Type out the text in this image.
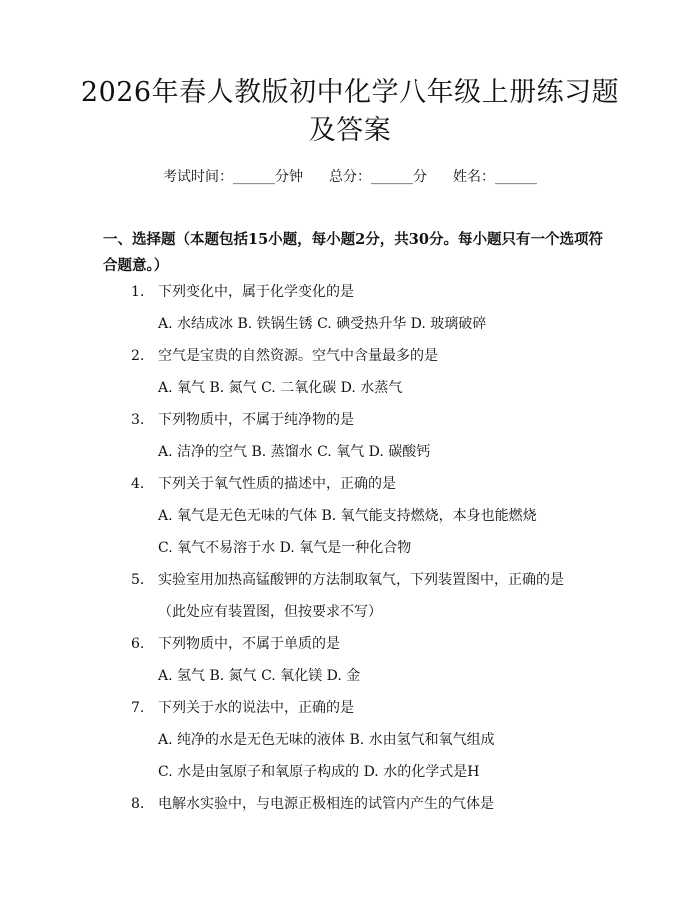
2026年春人教版初中化学八年级上册练习题及答案
考试时间：______分钟 总分：______分 姓名：______
一、选择题（本题包括15小题，每小题2分，共30分。每小题只有一个选项符合题意。）
1. 下列变化中，属于化学变化的是
A. 水结成冰 B. 铁锅生锈 C. 碘受热升华 D. 玻璃破碎
2. 空气是宝贵的自然资源。空气中含量最多的是
A. 氧气 B. 氮气 C. 二氧化碳 D. 水蒸气
3. 下列物质中，不属于纯净物的是
A. 洁净的空气 B. 蒸馏水 C. 氧气 D. 碳酸钙
4. 下列关于氧气性质的描述中，正确的是
A. 氧气是无色无味的气体 B. 氧气能支持燃烧，本身也能燃烧
C. 氧气不易溶于水 D. 氧气是一种化合物
5. 实验室用加热高锰酸钾的方法制取氧气，下列装置图中，正确的是
（此处应有装置图，但按要求不写）
6. 下列物质中，不属于单质的是
A. 氢气 B. 氮气 C. 氧化镁 D. 金
7. 下列关于水的说法中，正确的是
A. 纯净的水是无色无味的液体 B. 水由氢气和氧气组成
C. 水是由氢原子和氧原子构成的 D. 水的化学式是H
8. 电解水实验中，与电源正极相连的试管内产生的气体是
